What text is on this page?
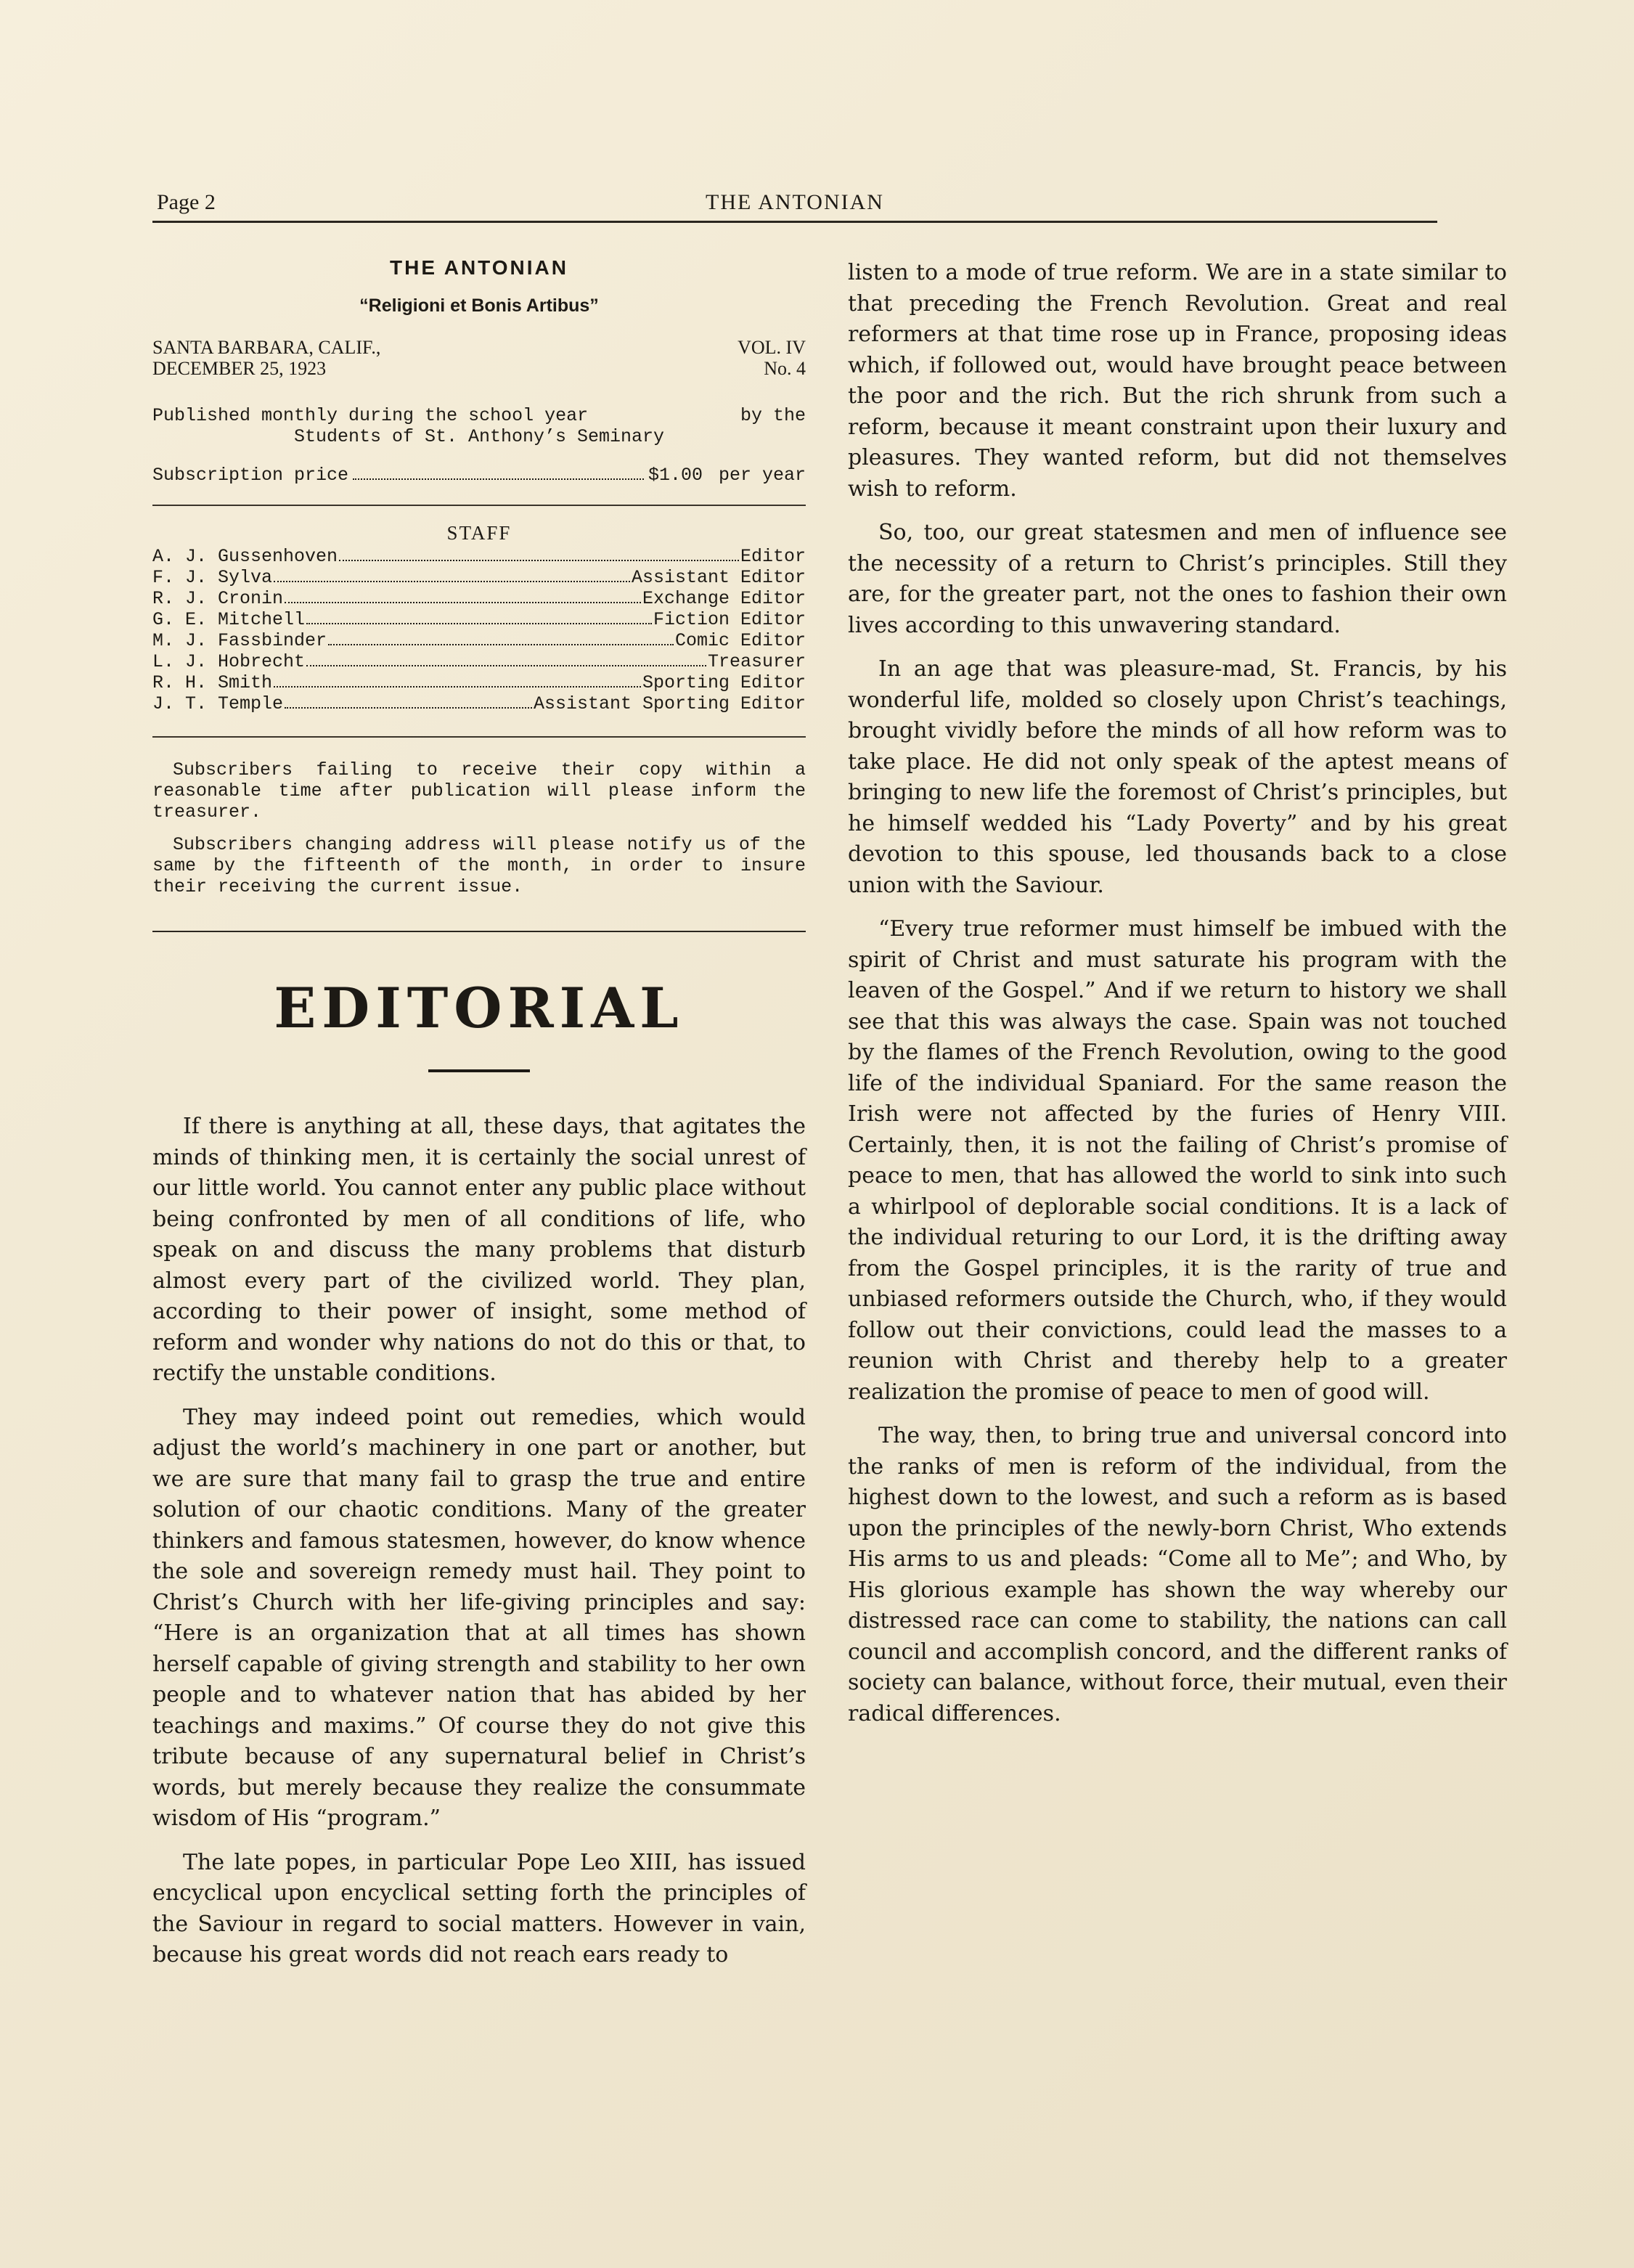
Page 2	THE ANTONIAN
THE ANTONIAN
“Religioni et Bonis Artibus”
SANTA BARBARA, CALIF.,
DECEMBER 25, 1923
VOL. IV
No. 4
Published monthly during the school year	by the
Students of St. Anthony’s Seminary
Subscription price	$1.00 per year
STAFF
A. J. Gussenhoven	Editor
F. J. Sylva	Assistant Editor
R. J. Cronin	Exchange Editor
G. E. Mitchell	Fiction Editor
M. J. Fassbinder	Comic Editor
L. J. Hobrecht	Treasurer
R. H. Smith	Sporting Editor
J. T. Temple	Assistant Sporting Editor
Subscribers failing to receive their copy within a reasonable time after publication will please inform the treasurer.
Subscribers changing address will please notify us of the same by the fifteenth of the month, in order to insure their receiving the current issue.
EDITORIAL

If there is anything at all, these days, that agitates the minds of thinking men, it is certainly the social unrest of our little world. You cannot enter any public place without being confronted by men of all conditions of life, who speak on and discuss the many problems that disturb almost every part of the civilized world. They plan, according to their power of insight, some method of reform and wonder why nations do not do this or that, to rectify the unstable conditions.

They may indeed point out remedies, which would adjust the world’s machinery in one part or another, but we are sure that many fail to grasp the true and entire solution of our chaotic conditions. Many of the greater thinkers and famous statesmen, however, do know whence the sole and sovereign remedy must hail. They point to Christ’s Church with her life-giving principles and say: “Here is an organization that at all times has shown herself capable of giving strength and stability to her own people and to whatever nation that has abided by her teachings and maxims.” Of course they do not give this tribute because of any supernatural belief in Christ’s words, but merely because they realize the consummate wisdom of His “program.”

The late popes, in particular Pope Leo XIII, has issued encyclical upon encyclical setting forth the principles of the Saviour in regard to social matters. However in vain, because his great words did not reach ears ready to

listen to a mode of true reform. We are in a state similar to that preceding the French Revolution. Great and real reformers at that time rose up in France, proposing ideas which, if followed out, would have brought peace between the poor and the rich. But the rich shrunk from such a reform, because it meant constraint upon their luxury and pleasures. They wanted reform, but did not themselves wish to reform.

So, too, our great statesmen and men of influence see the necessity of a return to Christ’s principles. Still they are, for the greater part, not the ones to fashion their own lives according to this unwavering standard.

In an age that was pleasure-mad, St. Francis, by his wonderful life, molded so closely upon Christ’s teachings, brought vividly before the minds of all how reform was to take place. He did not only speak of the aptest means of bringing to new life the foremost of Christ’s principles, but he himself wedded his “Lady Poverty” and by his great devotion to this spouse, led thousands back to a close union with the Saviour.

“Every true reformer must himself be imbued with the spirit of Christ and must saturate his program with the leaven of the Gospel.” And if we return to history we shall see that this was always the case. Spain was not touched by the flames of the French Revolution, owing to the good life of the individual Spaniard. For the same reason the Irish were not affected by the furies of Henry VIII. Certainly, then, it is not the failing of Christ’s promise of peace to men, that has allowed the world to sink into such a whirlpool of deplorable social conditions. It is a lack of the individual returing to our Lord, it is the drifting away from the Gospel principles, it is the rarity of true and unbiased reformers outside the Church, who, if they would follow out their convictions, could lead the masses to a reunion with Christ and thereby help to a greater realization the promise of peace to men of good will.

The way, then, to bring true and universal concord into the ranks of men is reform of the individual, from the highest down to the lowest, and such a reform as is based upon the principles of the newly-born Christ, Who extends His arms to us and pleads: “Come all to Me”; and Who, by His glorious example has shown the way whereby our distressed race can come to stability, the nations can call council and accomplish concord, and the different ranks of society can balance, without force, their mutual, even their radical differences.
